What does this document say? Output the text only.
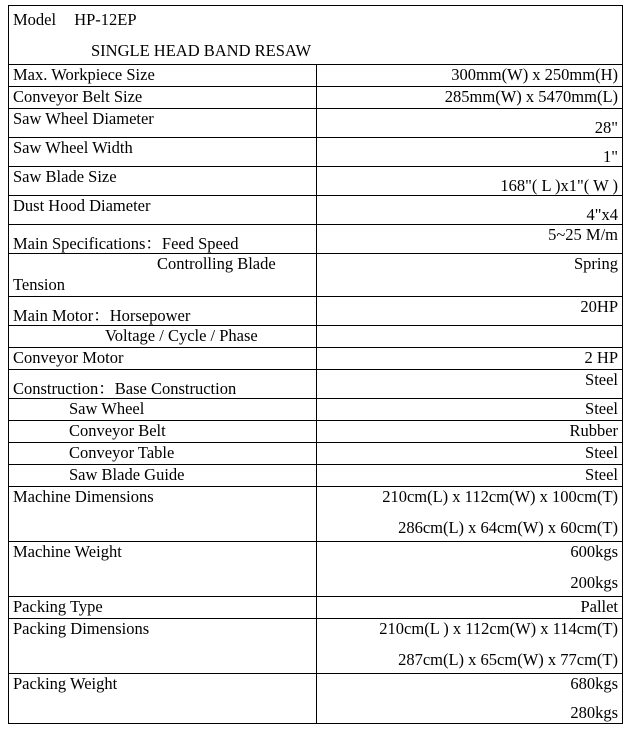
Model HP-12EP
SINGLE HEAD BAND RESAW	

Max. Workpiece Size	300mm(W) x 250mm(H)
Conveyor Belt Size	285mm(W) x 5470mm(L)
Saw Wheel Diameter	28"
Saw Wheel Width	1"
Saw Blade Size	168"( L )x1"( W )
Dust Hood Diameter	4"x4
Main Specifications：Feed Speed	5~25 M/m

Controlling Blade
Tension	Spring
Main Motor：Horsepower	20HP
Voltage / Cycle / Phase	
Conveyor Motor	2 HP
Construction：Base Construction	Steel
Saw Wheel	Steel
Conveyor Belt	Rubber
Conveyor Table	Steel
Saw Blade Guide	Steel
Machine Dimensions	210cm(L) x 112cm(W) x 100cm(T)
286cm(L) x 64cm(W) x 60cm(T)

Machine Weight	600kgs
200kgs

Packing Type	Pallet
Packing Dimensions	210cm(L ) x 112cm(W) x 114cm(T)
287cm(L) x 65cm(W) x 77cm(T)

Packing Weight	680kgs
280kgs
